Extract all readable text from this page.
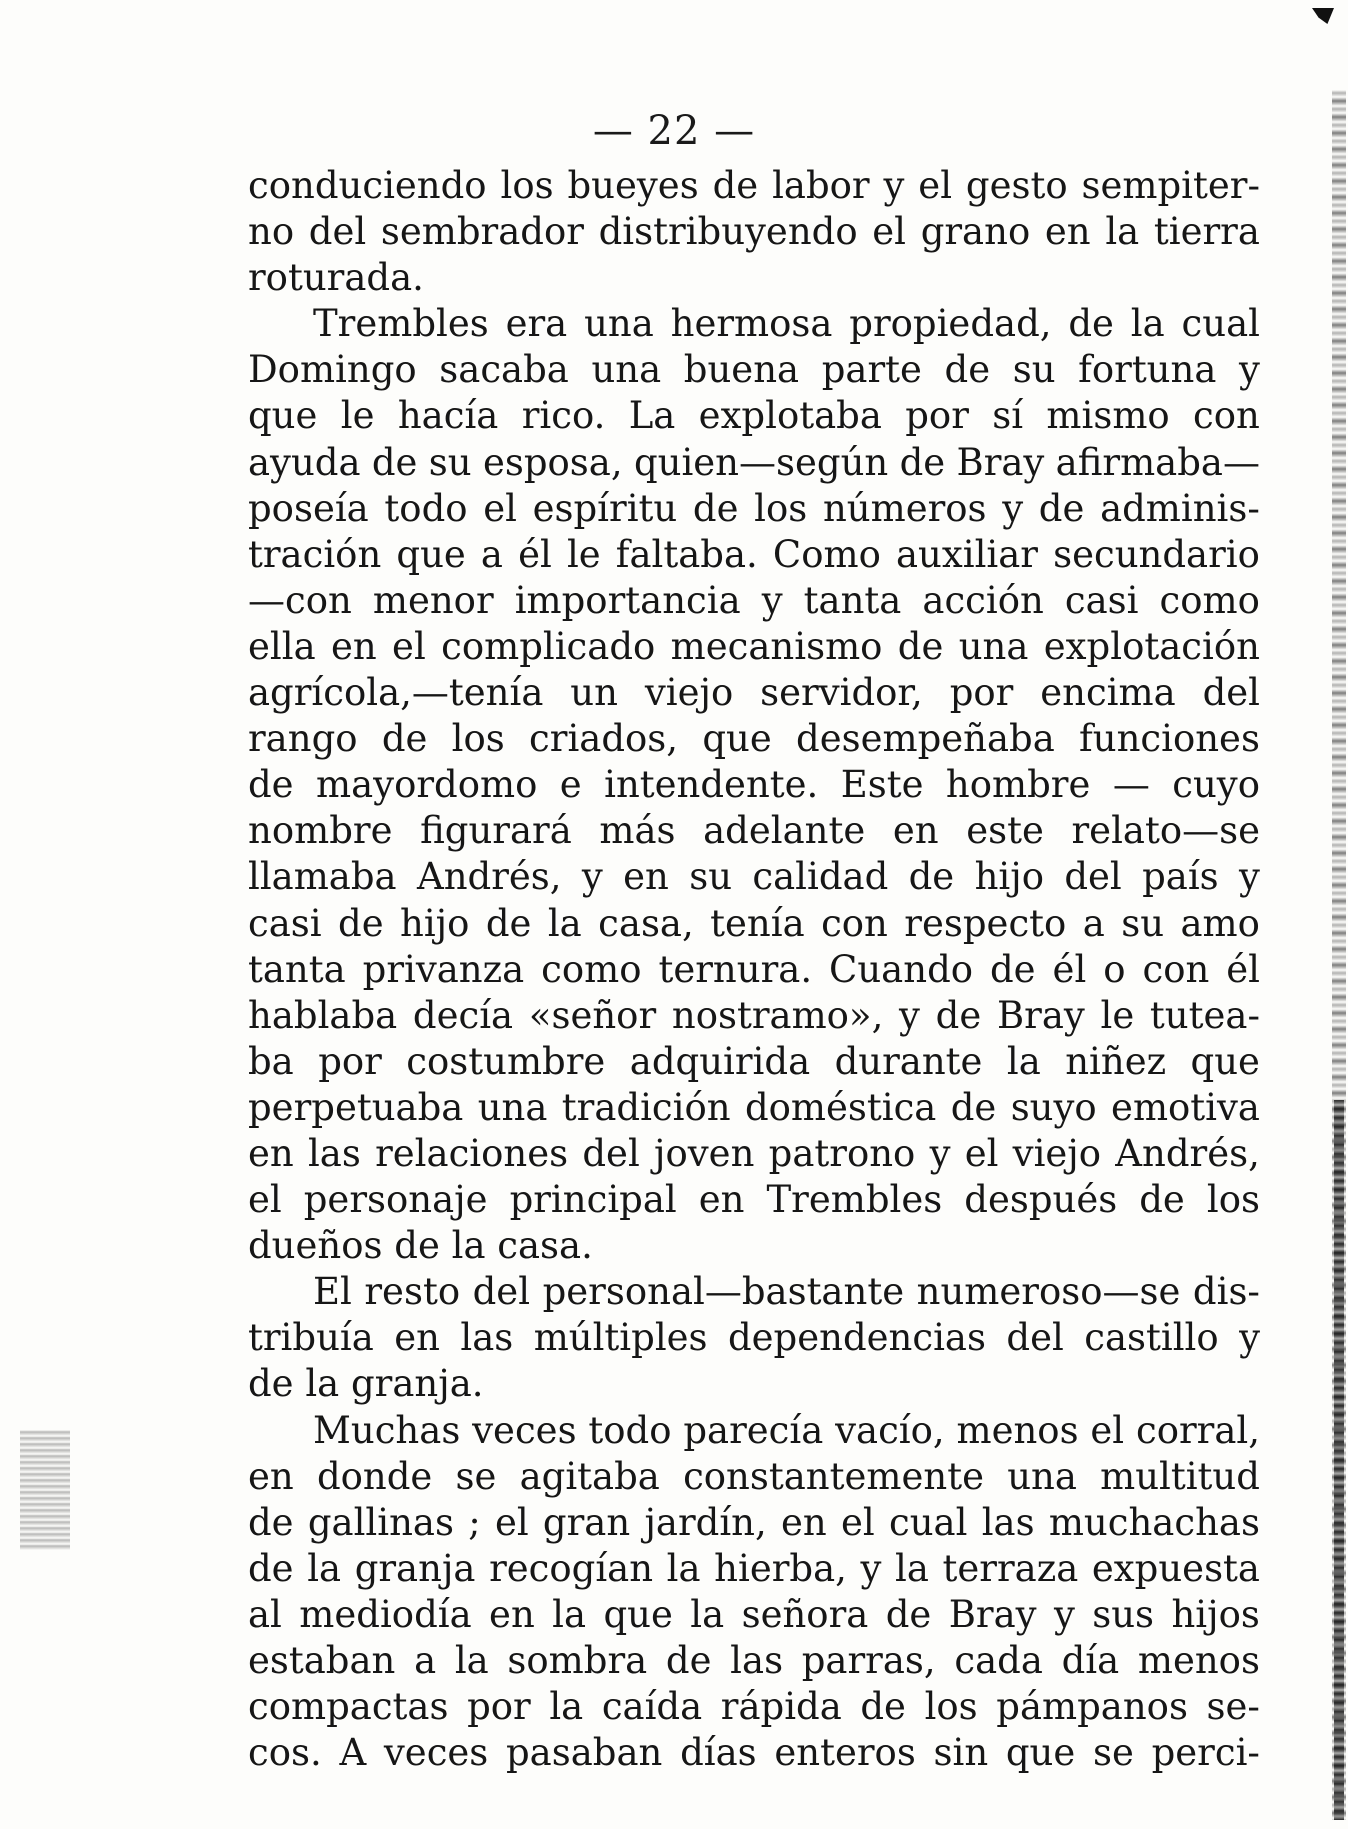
— 22 —
conduciendo los bueyes de labor y el gesto sempiter-
no del sembrador distribuyendo el grano en la tierra
roturada.
Trembles era una hermosa propiedad, de la cual
Domingo sacaba una buena parte de su fortuna y
que le hacía rico. La explotaba por sí mismo con
ayuda de su esposa, quien—según de Bray afirmaba—
poseía todo el espíritu de los números y de adminis-
tración que a él le faltaba. Como auxiliar secundario
—con menor importancia y tanta acción casi como
ella en el complicado mecanismo de una explotación
agrícola,—tenía un viejo servidor, por encima del
rango de los criados, que desempeñaba funciones
de mayordomo e intendente. Este hombre — cuyo
nombre figurará más adelante en este relato—se
llamaba Andrés, y en su calidad de hijo del país y
casi de hijo de la casa, tenía con respecto a su amo
tanta privanza como ternura. Cuando de él o con él
hablaba decía «señor nostramo», y de Bray le tutea-
ba por costumbre adquirida durante la niñez que
perpetuaba una tradición doméstica de suyo emotiva
en las relaciones del joven patrono y el viejo Andrés,
el personaje principal en Trembles después de los
dueños de la casa.
El resto del personal—bastante numeroso—se dis-
tribuía en las múltiples dependencias del castillo y
de la granja.
Muchas veces todo parecía vacío, menos el corral,
en donde se agitaba constantemente una multitud
de gallinas ; el gran jardín, en el cual las muchachas
de la granja recogían la hierba, y la terraza expuesta
al mediodía en la que la señora de Bray y sus hijos
estaban a la sombra de las parras, cada día menos
compactas por la caída rápida de los pámpanos se-
cos. A veces pasaban días enteros sin que se perci-
